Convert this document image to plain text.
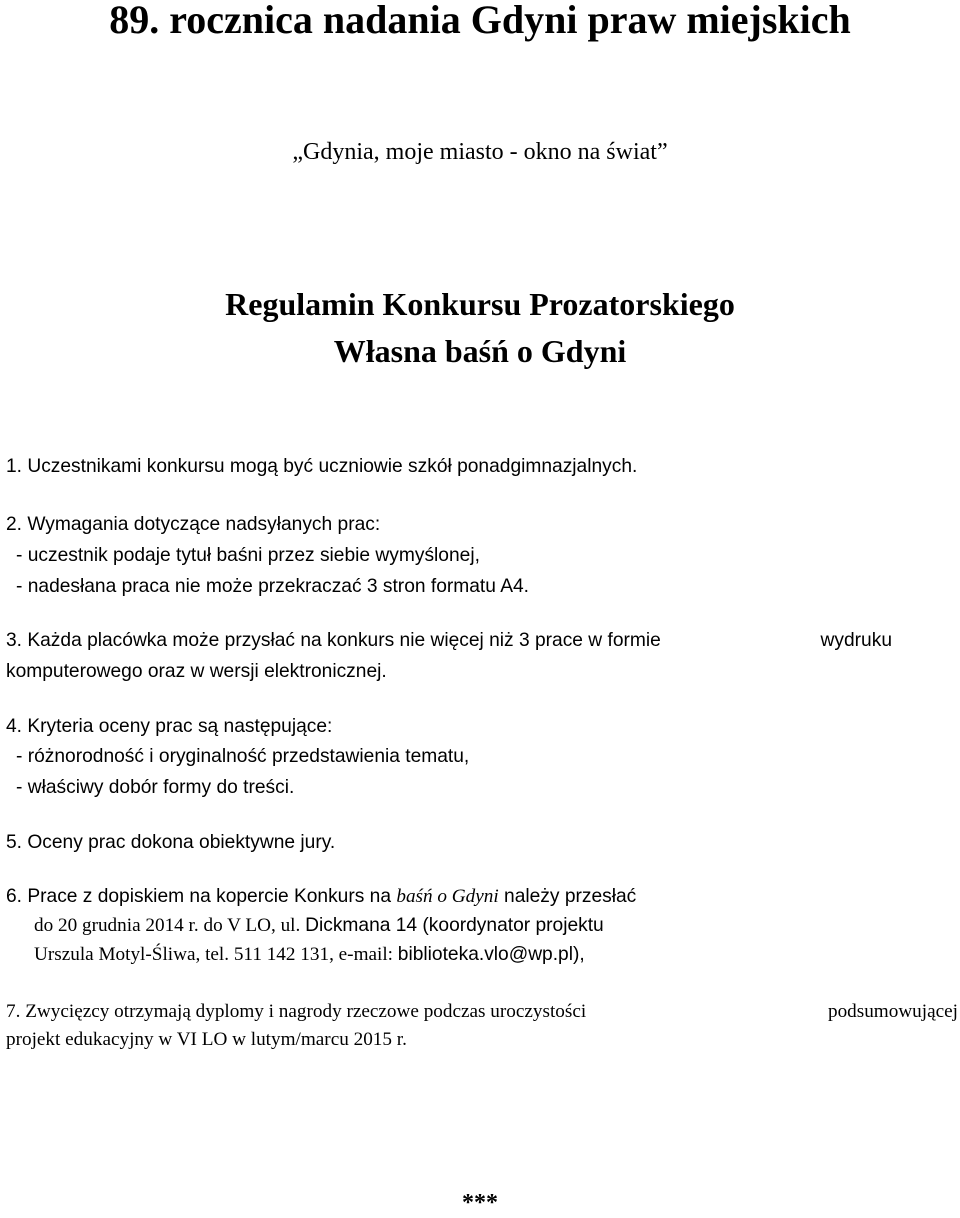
89. rocznica nadania Gdyni praw miejskich

„Gdynia, moje miasto - okno na świat”

Regulamin Konkursu Prozatorskiego
Własna baśń o Gdyni

1. Uczestnikami konkursu mogą być uczniowie szkół ponadgimnazjalnych.

2. Wymagania dotyczące nadsyłanych prac:

- uczestnik podaje tytuł baśni przez siebie wymyślonej,

- nadesłana praca nie może przekraczać 3 stron formatu A4.

3. Każda placówka może przysłać na konkurs nie więcej niż 3 prace w formie	wydruku

komputerowego oraz w wersji elektronicznej.

4. Kryteria oceny prac są następujące:

- różnorodność i oryginalność przedstawienia tematu,

- właściwy dobór formy do treści.

5. Oceny prac dokona obiektywne jury.

6. Prace z dopiskiem na kopercie Konkurs na baśń o Gdyni należy przesłać

do 20 grudnia 2014 r. do V LO, ul. Dickmana 14 (koordynator projektu

Urszula Motyl-Śliwa, tel. 511 142 131, e-mail: biblioteka.vlo@wp.pl),

7. Zwycięzcy otrzymają dyplomy i nagrody rzeczowe podczas uroczystości	podsumowującej

projekt edukacyjny w VI LO w lutym/marcu 2015 r.

***
